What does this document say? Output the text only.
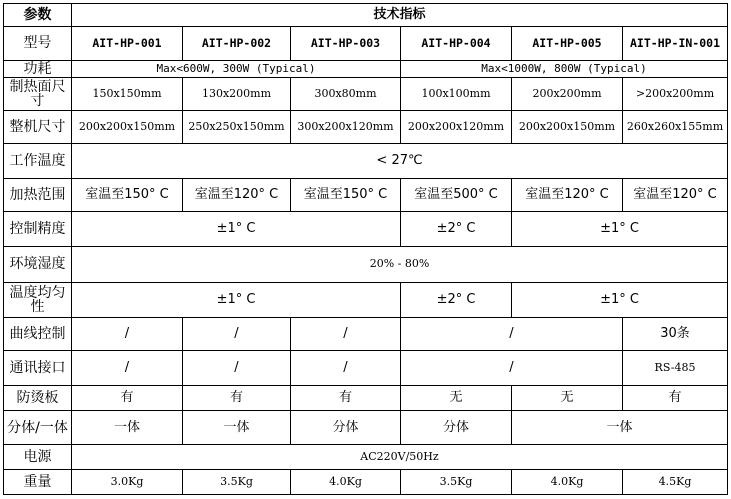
参数	技术指标					
型号	AIT-HP-001	AIT-HP-002	AIT-HP-003	AIT-HP-004	AIT-HP-005	AIT-HP-IN-001
功耗	Max<600W, 300W (Typical)			Max<1000W, 800W (Typical)		
制热面尺寸	150x150mm	130x200mm	300x80mm	100x100mm	200x200mm	>200x200mm
整机尺寸	200x200x150mm	250x250x150mm	300x200x120mm	200x200x120mm	200x200x150mm	260x260x155mm
工作温度	< 27℃					
加热范围	室温至150° C	室温至120° C	室温至150° C	室温至500° C	室温至120° C	室温至120° C
控制精度	±1° C			±2° C	±1° C	
环境湿度	20% - 80%					
温度均匀性	±1° C			±2° C	±1° C	
曲线控制	/	/	/	/		30条
通讯接口	/	/	/	/		RS-485
防烫板	有	有	有	无	无	有
分体/一体	一体	一体	分体	分体	一体	
电源	AC220V/50Hz					
重量	3.0Kg	3.5Kg	4.0Kg	3.5Kg	4.0Kg	4.5Kg
